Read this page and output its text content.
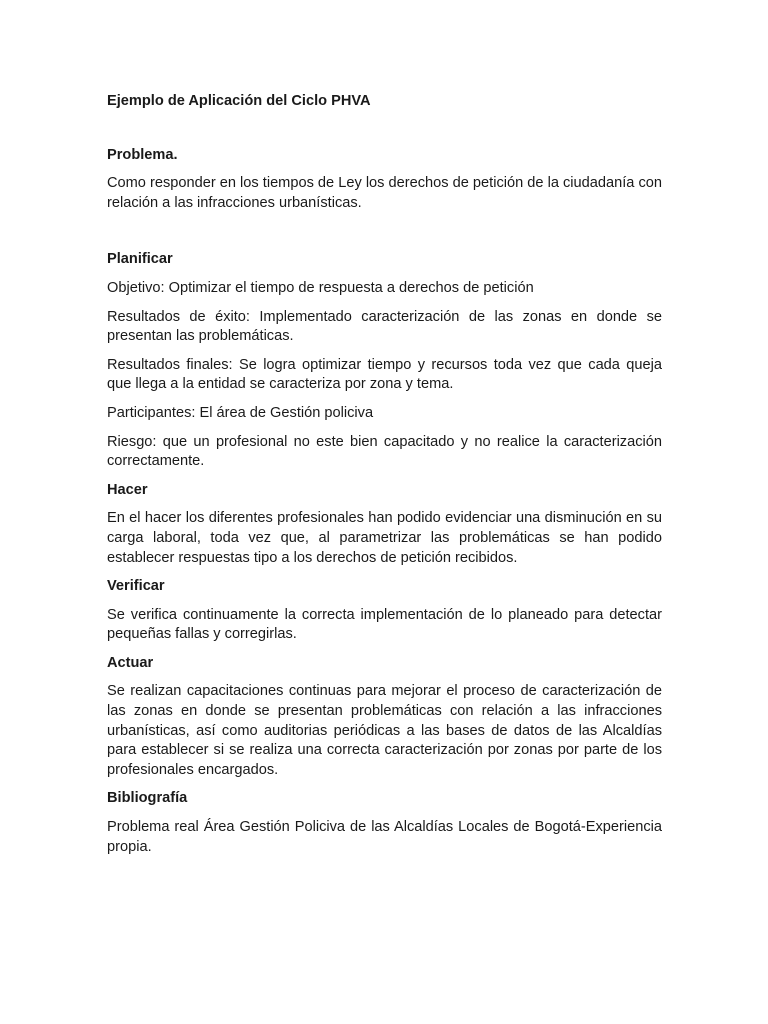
Ejemplo de Aplicación del Ciclo PHVA

Problema.

Como responder en los tiempos de Ley los derechos de petición de la ciudadanía con relación a las infracciones urbanísticas.

Planificar

Objetivo: Optimizar el tiempo de respuesta a derechos de petición

Resultados de éxito: Implementado caracterización de las zonas en donde se presentan las problemáticas.

Resultados finales: Se logra optimizar tiempo y recursos toda vez que cada queja que llega a la entidad se caracteriza por zona y tema.

Participantes: El área de Gestión policiva

Riesgo: que un profesional no este bien capacitado y no realice la caracterización correctamente.

Hacer

En el hacer los diferentes profesionales han podido evidenciar una disminución en su carga laboral, toda vez que, al parametrizar las problemáticas se han podido establecer respuestas tipo a los derechos de petición recibidos.

Verificar

Se verifica continuamente la correcta implementación de lo planeado para detectar pequeñas fallas y corregirlas.

Actuar

Se realizan capacitaciones continuas para mejorar el proceso de caracterización de las zonas en donde se presentan problemáticas con relación a las infracciones urbanísticas, así como auditorias periódicas a las bases de datos de las Alcaldías para establecer si se realiza una correcta caracterización por zonas por parte de los profesionales encargados.

Bibliografía

Problema real Área Gestión Policiva de las Alcaldías Locales de Bogotá-Experiencia propia.
